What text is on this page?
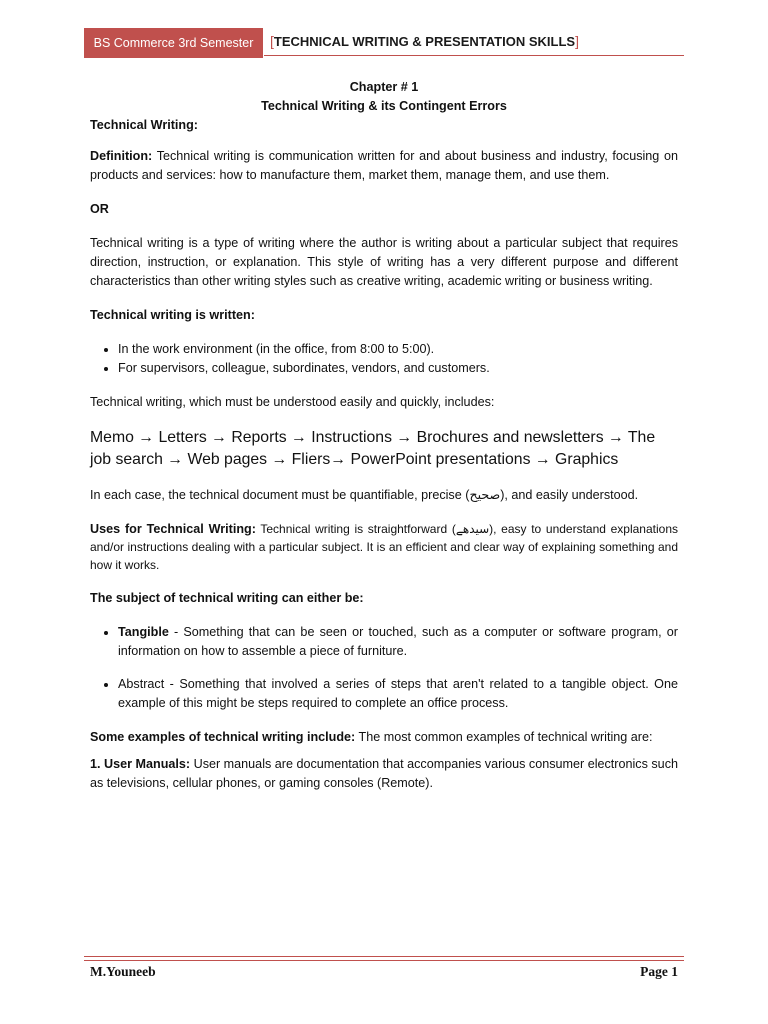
BS Commerce 3rd Semester	[TECHNICAL WRITING & PRESENTATION SKILLS]
Chapter # 1
Technical Writing & its Contingent Errors

Technical Writing:

Definition: Technical writing is communication written for and about business and industry, focusing on products and services: how to manufacture them, market them, manage them, and use them.

OR

Technical writing is a type of writing where the author is writing about a particular subject that requires direction, instruction, or explanation. This style of writing has a very different purpose and different characteristics than other writing styles such as creative writing, academic writing or business writing.

Technical writing is written:

• In the work environment (in the office, from 8:00 to 5:00).
• For supervisors, colleague, subordinates, vendors, and customers.

Technical writing, which must be understood easily and quickly, includes:

Memo → Letters → Reports → Instructions → Brochures and newsletters → The job search → Web pages → Fliers→ PowerPoint presentations → Graphics

In each case, the technical document must be quantifiable, precise (صحیح), and easily understood.

Uses for Technical Writing: Technical writing is straightforward (سیدھے), easy to understand explanations and/or instructions dealing with a particular subject. It is an efficient and clear way of explaining something and how it works.

The subject of technical writing can either be:

• Tangible - Something that can be seen or touched, such as a computer or software program, or information on how to assemble a piece of furniture.
• Abstract - Something that involved a series of steps that aren't related to a tangible object. One example of this might be steps required to complete an office process.

Some examples of technical writing include: The most common examples of technical writing are:

1. User Manuals: User manuals are documentation that accompanies various consumer electronics such as televisions, cellular phones, or gaming consoles (Remote).

M.Youneeb	Page 1
